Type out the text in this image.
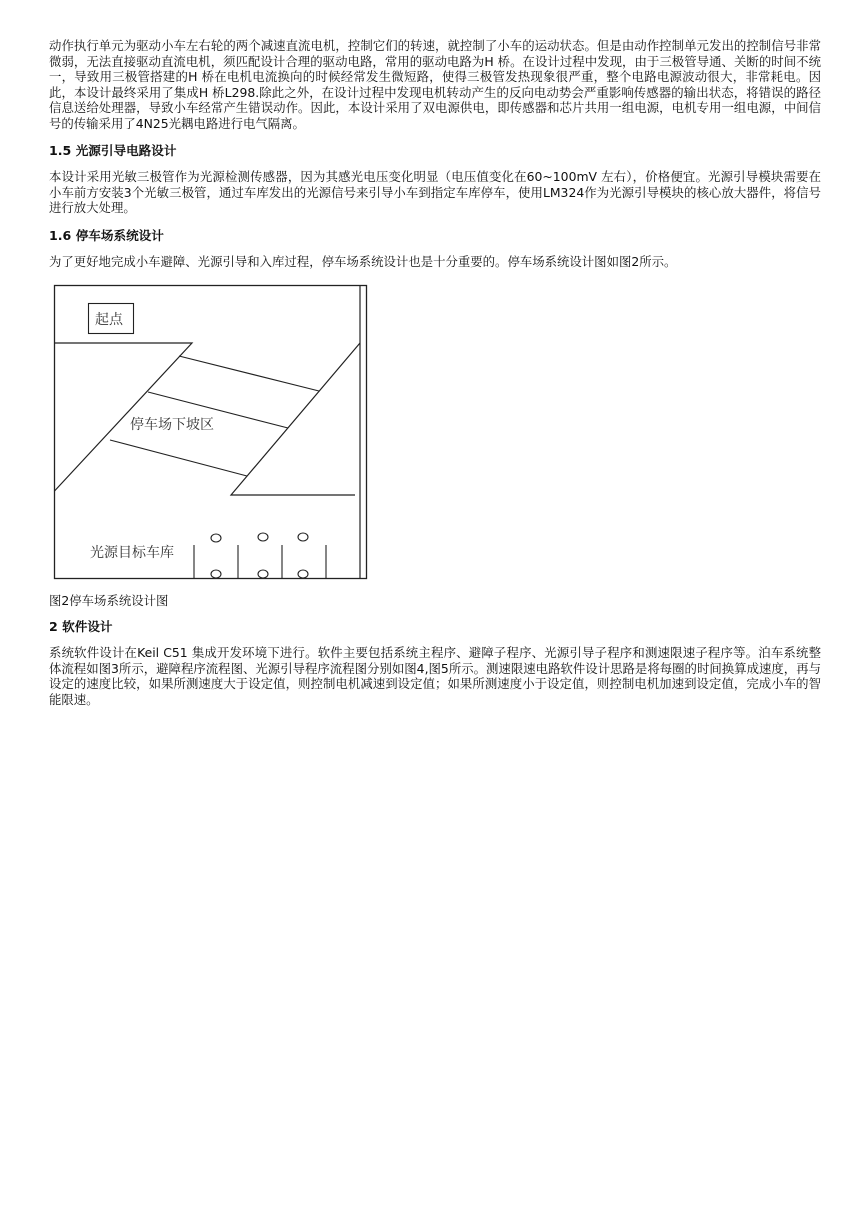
动作执行单元为驱动小车左右轮的两个减速直流电机，控制它们的转速，就控制了小车的运动状态。但是由动作控制单元发出的控制信号非常微弱，无法直接驱动直流电机，须匹配设计合理的驱动电路，常用的驱动电路为H 桥。在设计过程中发现，由于三极管导通、关断的时间不统一，导致用三极管搭建的H 桥在电机电流换向的时候经常发生微短路，使得三极管发热现象很严重，整个电路电源波动很大，非常耗电。因此，本设计最终采用了集成H 桥L298.除此之外，在设计过程中发现电机转动产生的反向电动势会严重影响传感器的输出状态，将错误的路径信息送给处理器，导致小车经常产生错误动作。因此，本设计采用了双电源供电，即传感器和芯片共用一组电源，电机专用一组电源，中间信号的传输采用了4N25光耦电路进行电气隔离。

1.5 光源引导电路设计

本设计采用光敏三极管作为光源检测传感器，因为其感光电压变化明显（电压值变化在60~100mV 左右），价格便宜。光源引导模块需要在小车前方安装3个光敏三极管，通过车库发出的光源信号来引导小车到指定车库停车，使用LM324作为光源引导模块的核心放大器件，将信号进行放大处理。

1.6 停车场系统设计

为了更好地完成小车避障、光源引导和入库过程，停车场系统设计也是十分重要的。停车场系统设计图如图2所示。

起点
停车场下坡区
光源目标车库

图2停车场系统设计图

2 软件设计

系统软件设计在Keil C51 集成开发环境下进行。软件主要包括系统主程序、避障子程序、光源引导子程序和测速限速子程序等。泊车系统整体流程如图3所示，避障程序流程图、光源引导程序流程图分别如图4,图5所示。测速限速电路软件设计思路是将每圈的时间换算成速度，再与设定的速度比较，如果所测速度大于设定值，则控制电机减速到设定值；如果所测速度小于设定值，则控制电机加速到设定值，完成小车的智能限速。
